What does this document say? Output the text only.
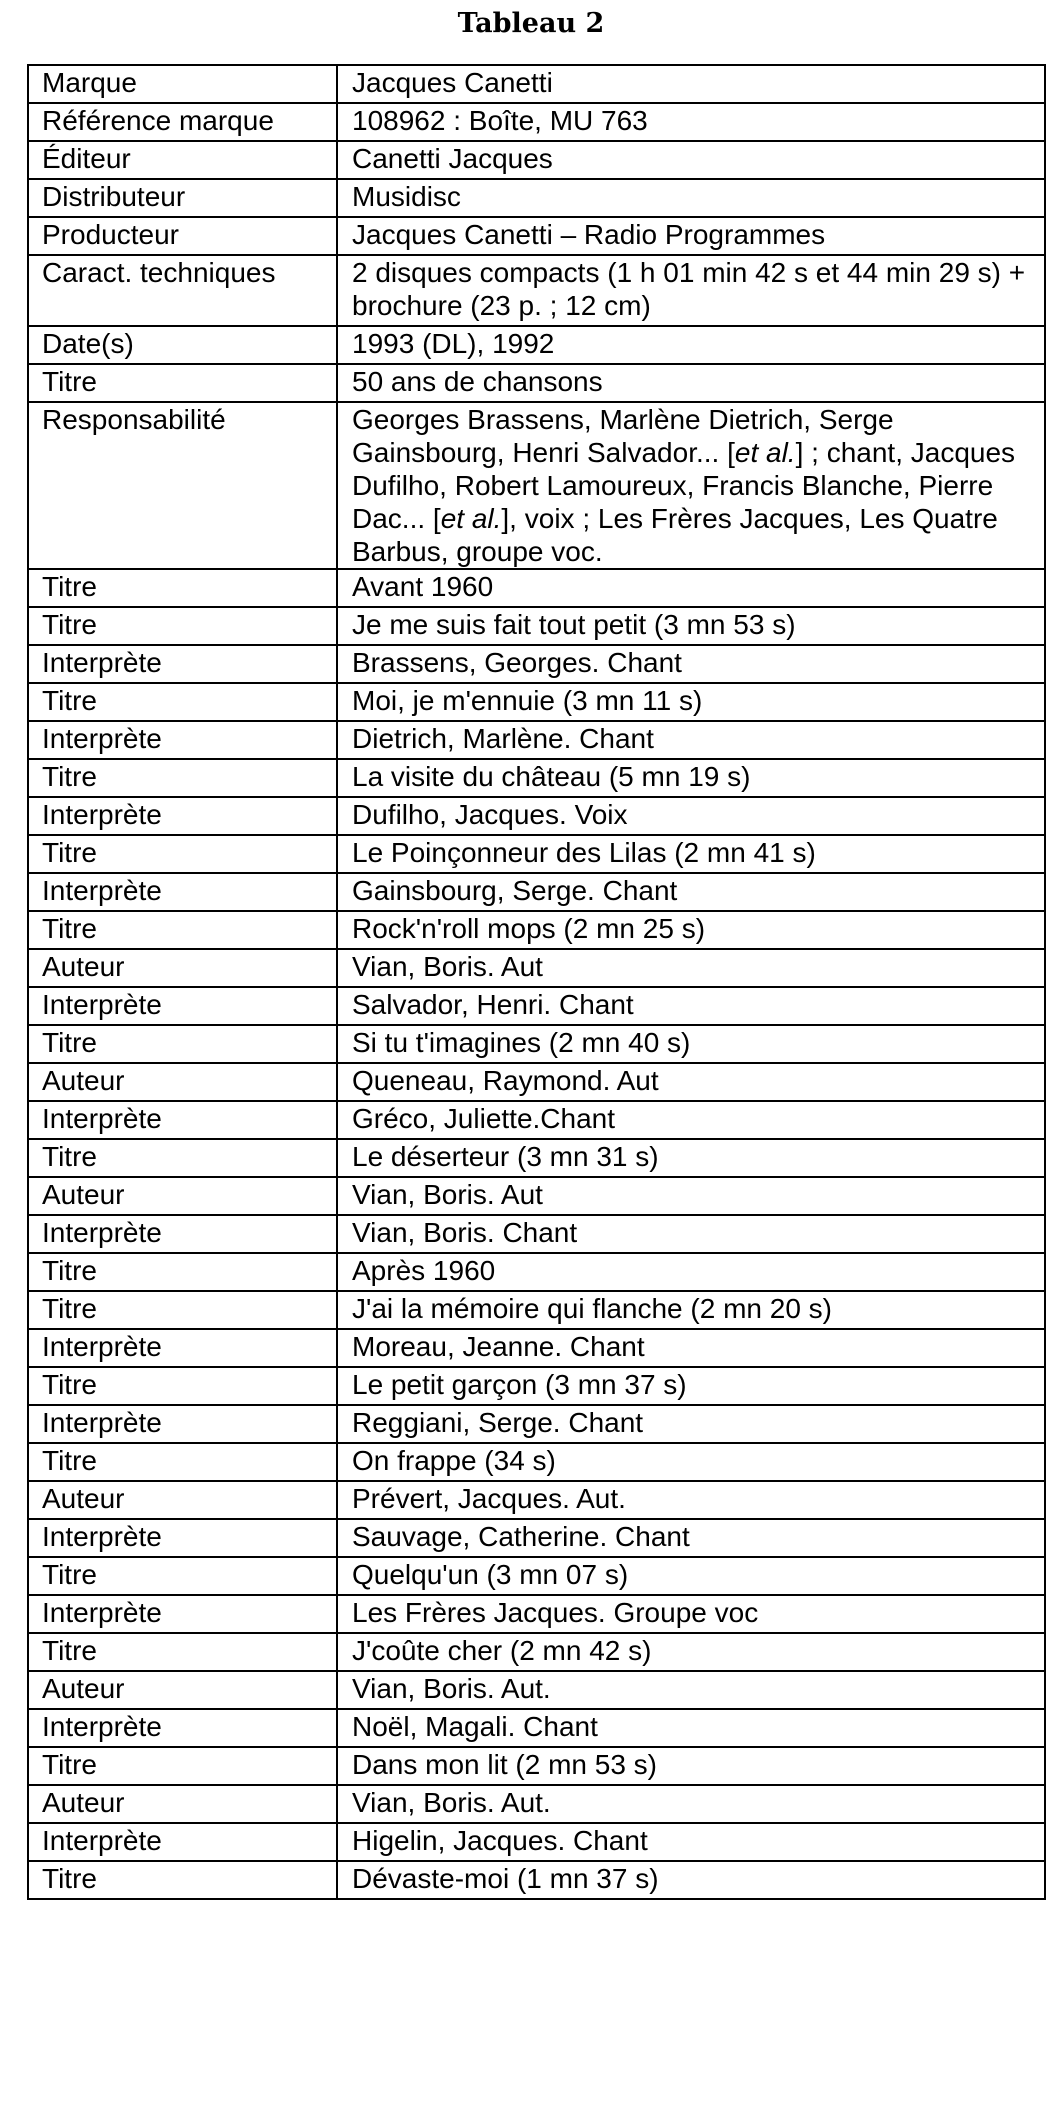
Tableau 2
Marque	Jacques Canetti
Référence marque	108962 : Boîte, MU 763
Éditeur	Canetti Jacques
Distributeur	Musidisc
Producteur	Jacques Canetti – Radio Programmes
Caract. techniques	2 disques compacts (1 h 01 min 42 s et 44 min 29 s) + brochure (23 p. ; 12 cm)
Date(s)	1993 (DL), 1992
Titre	50 ans de chansons
Responsabilité	Georges Brassens, Marlène Dietrich, Serge Gainsbourg, Henri Salvador... [et al.] ; chant, Jacques Dufilho, Robert Lamoureux, Francis Blanche, Pierre Dac... [et al.], voix ; Les Frères Jacques, Les Quatre Barbus, groupe voc.
Titre	Avant 1960
Titre	Je me suis fait tout petit (3 mn 53 s)
Interprète	Brassens, Georges. Chant
Titre	Moi, je m'ennuie (3 mn 11 s)
Interprète	Dietrich, Marlène. Chant
Titre	La visite du château (5 mn 19 s)
Interprète	Dufilho, Jacques. Voix
Titre	Le Poinçonneur des Lilas (2 mn 41 s)
Interprète	Gainsbourg, Serge. Chant
Titre	Rock'n'roll mops (2 mn 25 s)
Auteur	Vian, Boris. Aut
Interprète	Salvador, Henri. Chant
Titre	Si tu t'imagines (2 mn 40 s)
Auteur	Queneau, Raymond. Aut
Interprète	Gréco, Juliette.Chant
Titre	Le déserteur (3 mn 31 s)
Auteur	Vian, Boris. Aut
Interprète	Vian, Boris. Chant
Titre	Après 1960
Titre	J'ai la mémoire qui flanche (2 mn 20 s)
Interprète	Moreau, Jeanne. Chant
Titre	Le petit garçon (3 mn 37 s)
Interprète	Reggiani, Serge. Chant
Titre	On frappe (34 s)
Auteur	Prévert, Jacques. Aut.
Interprète	Sauvage, Catherine. Chant
Titre	Quelqu'un (3 mn 07 s)
Interprète	Les Frères Jacques. Groupe voc
Titre	J'coûte cher (2 mn 42 s)
Auteur	Vian, Boris. Aut.
Interprète	Noël, Magali. Chant
Titre	Dans mon lit (2 mn 53 s)
Auteur	Vian, Boris. Aut.
Interprète	Higelin, Jacques. Chant
Titre	Dévaste-moi (1 mn 37 s)
